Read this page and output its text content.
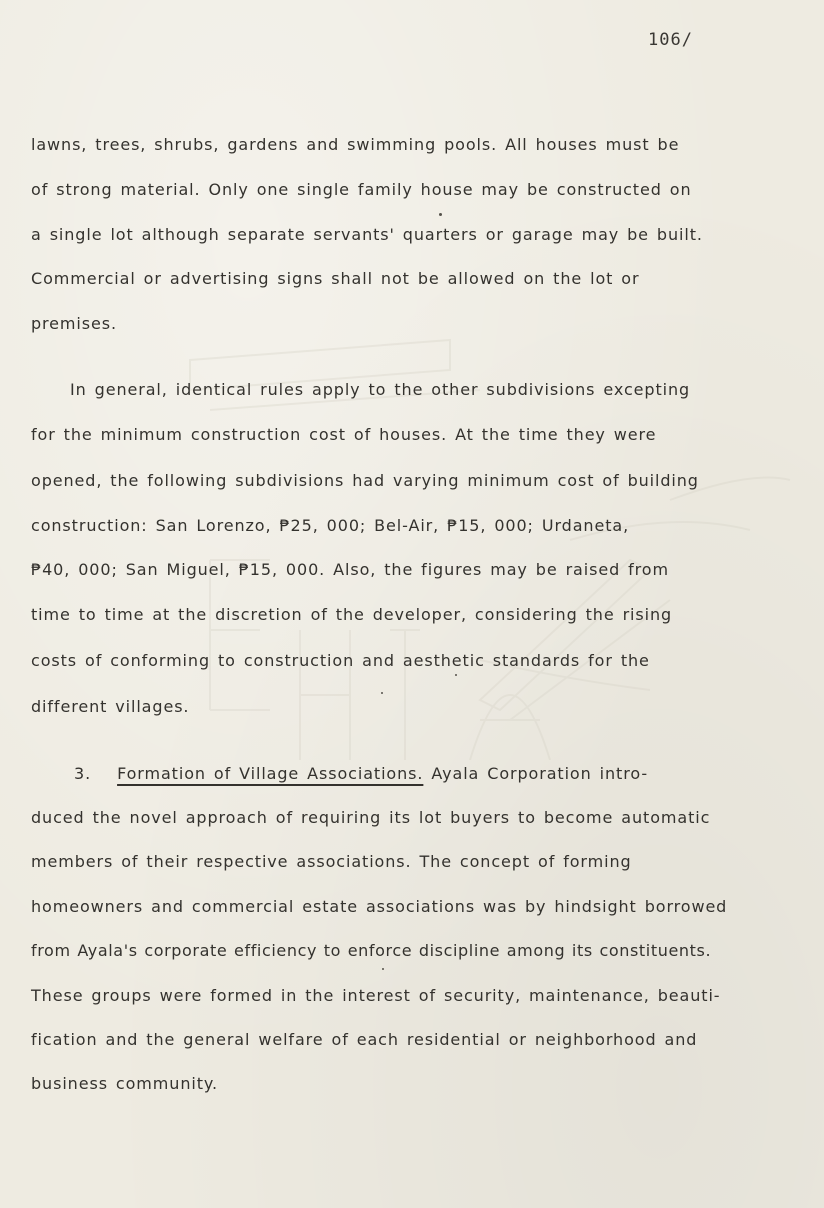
106/
lawns, trees, shrubs, gardens and swimming pools. All houses must be
of strong material. Only one single family house may be constructed on
a single lot although separate servants' quarters or garage may be built.
Commercial or advertising signs shall not be allowed on the lot or
premises.
In general, identical rules apply to the other subdivisions excepting
for the minimum construction cost of houses. At the time they were
opened, the following subdivisions had varying minimum cost of building
construction: San Lorenzo, ₱25, 000; Bel-Air, ₱15, 000; Urdaneta,
₱40, 000; San Miguel, ₱15, 000. Also, the figures may be raised from
time to time at the discretion of the developer, considering the rising
costs of conforming to construction and aesthetic standards for the
different villages.
3. Formation of Village Associations. Ayala Corporation intro-
duced the novel approach of requiring its lot buyers to become automatic
members of their respective associations. The concept of forming
homeowners and commercial estate associations was by hindsight borrowed
from Ayala's corporate efficiency to enforce discipline among its constituents.
These groups were formed in the interest of security, maintenance, beauti-
fication and the general welfare of each residential or neighborhood and
business community.
